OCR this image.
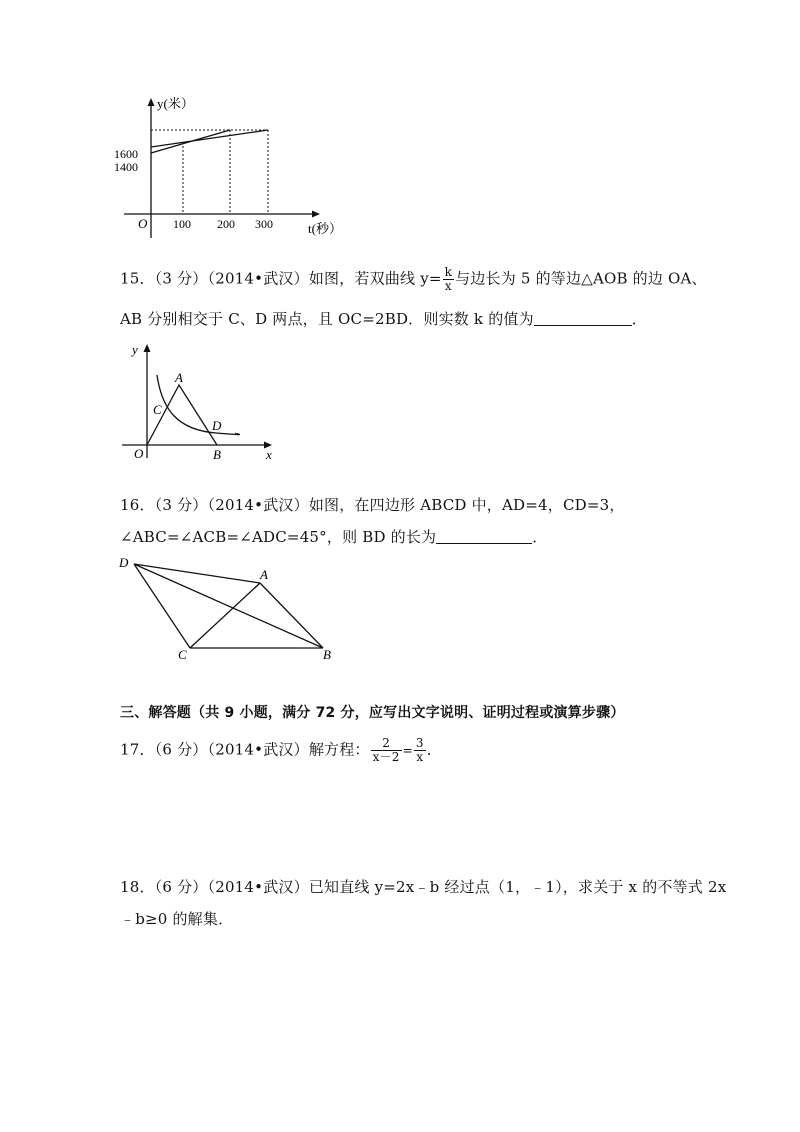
y(米）
t(秒）
O
1600
1400
100 200 300
15．（3 分）（2014•武汉）如图，若双曲线 $y= \frac{k}{x}$ 与边长为 5 的等边△AOB 的边 OA、
AB 分别相交于 C、D 两点，且 OC=2BD．则实数 k 的值为	．
y
A
C
D
O	B	x
16．（3 分）（2014•武汉）如图，在四边形 ABCD 中，AD=4，CD=3，
∠ABC=∠ACB=∠ADC=45°，则 BD 的长为	．
D
A
C	B
三、解答题（共 9 小题，满分 72 分，应写出文字说明、证明过程或演算步骤）
17．（6 分）（2014•武汉）解方程： $\frac{2}{x-2} = \frac{3}{x}$ ．
18．（6 分）（2014•武汉）已知直线 y=2x﹣b 经过点（1，﹣1），求关于 x 的不等式 2x
﹣b≥0 的解集．
